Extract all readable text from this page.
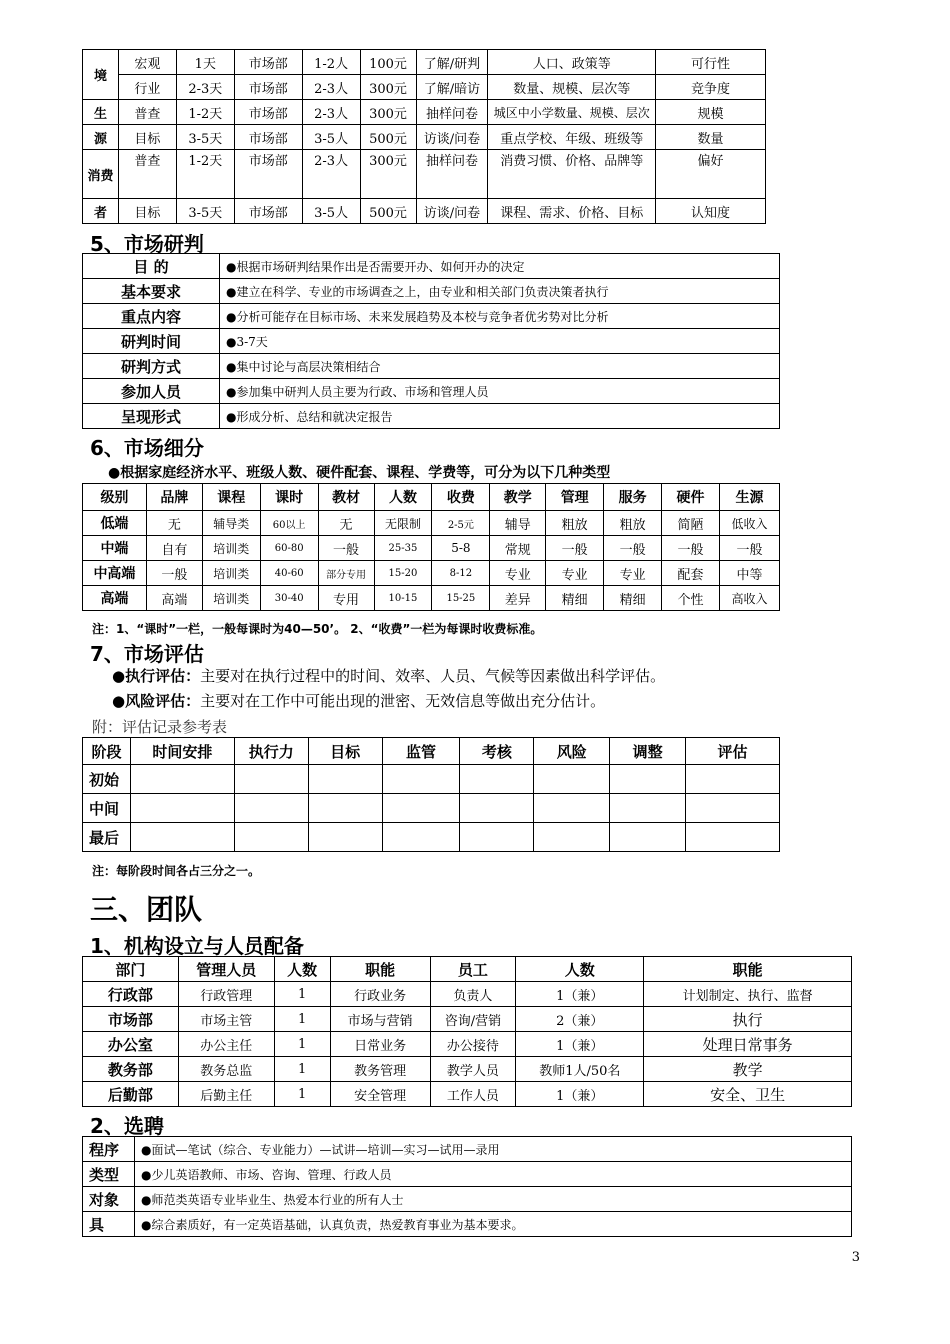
境	宏观	1天	市场部	1-2人	100元	了解/研判	人口、政策等	可行性
	行业	2-3天	市场部	2-3人	300元	了解/暗访	数量、规模、层次等	竞争度
生	普查	1-2天	市场部	2-3人	300元	抽样问卷	城区中小学数量、规模、层次	规模
源	目标	3-5天	市场部	3-5人	500元	访谈/问卷	重点学校、年级、班级等	数量
消费	普查	1-2天	市场部	2-3人	300元	抽样问卷	消费习惯、价格、品牌等	偏好
者	目标	3-5天	市场部	3-5人	500元	访谈/问卷	课程、需求、价格、目标	认知度
5、市场研判
目 的	●根据市场研判结果作出是否需要开办、如何开办的决定
基本要求	●建立在科学、专业的市场调查之上，由专业和相关部门负责决策者执行
重点内容	●分析可能存在目标市场、未来发展趋势及本校与竞争者优劣势对比分析
研判时间	●3-7天
研判方式	●集中讨论与高层决策相结合
参加人员	●参加集中研判人员主要为行政、市场和管理人员
呈现形式	●形成分析、总结和就决定报告
6、市场细分
●根据家庭经济水平、班级人数、硬件配套、课程、学费等，可分为以下几种类型
级别	品牌	课程	课时	教材	人数	收费	教学	管理	服务	硬件	生源
低端	无	辅导类	60以上	无	无限制	2-5元	辅导	粗放	粗放	简陋	低收入
中端	自有	培训类	60-80	一般	25-35	5-8	常规	一般	一般	一般	一般
中高端	一般	培训类	40-60	部分专用	15-20	8-12	专业	专业	专业	配套	中等
高端	高端	培训类	30-40	专用	10-15	15-25	差异	精细	精细	个性	高收入
注：1、“课时”一栏，一般每课时为40—50’。 2、“收费”一栏为每课时收费标准。
7、市场评估
●执行评估：主要对在执行过程中的时间、效率、人员、气候等因素做出科学评估。
●风险评估：主要对在工作中可能出现的泄密、无效信息等做出充分估计。
附：评估记录参考表
阶段	时间安排	执行力	目标	监管	考核	风险	调整	评估
初始								
中间								
最后								
注：每阶段时间各占三分之一。
三、团队
1、机构设立与人员配备
部门	管理人员	人数	职能	员工	人数	职能
行政部	行政管理	1	行政业务	负责人	1（兼）	计划制定、执行、监督
市场部	市场主管	1	市场与营销	咨询/营销	2（兼）	执行
办公室	办公主任	1	日常业务	办公接待	1（兼）	处理日常事务
教务部	教务总监	1	教务管理	教学人员	教师1人/50名	教学
后勤部	后勤主任	1	安全管理	工作人员	1（兼）	安全、卫生
2、选聘
程序	●面试—笔试（综合、专业能力）—试讲—培训—实习—试用—录用
类型	●少儿英语教师、市场、咨询、管理、行政人员
对象	●师范类英语专业毕业生、热爱本行业的所有人士
具	●综合素质好，有一定英语基础，认真负责，热爱教育事业为基本要求。
3
